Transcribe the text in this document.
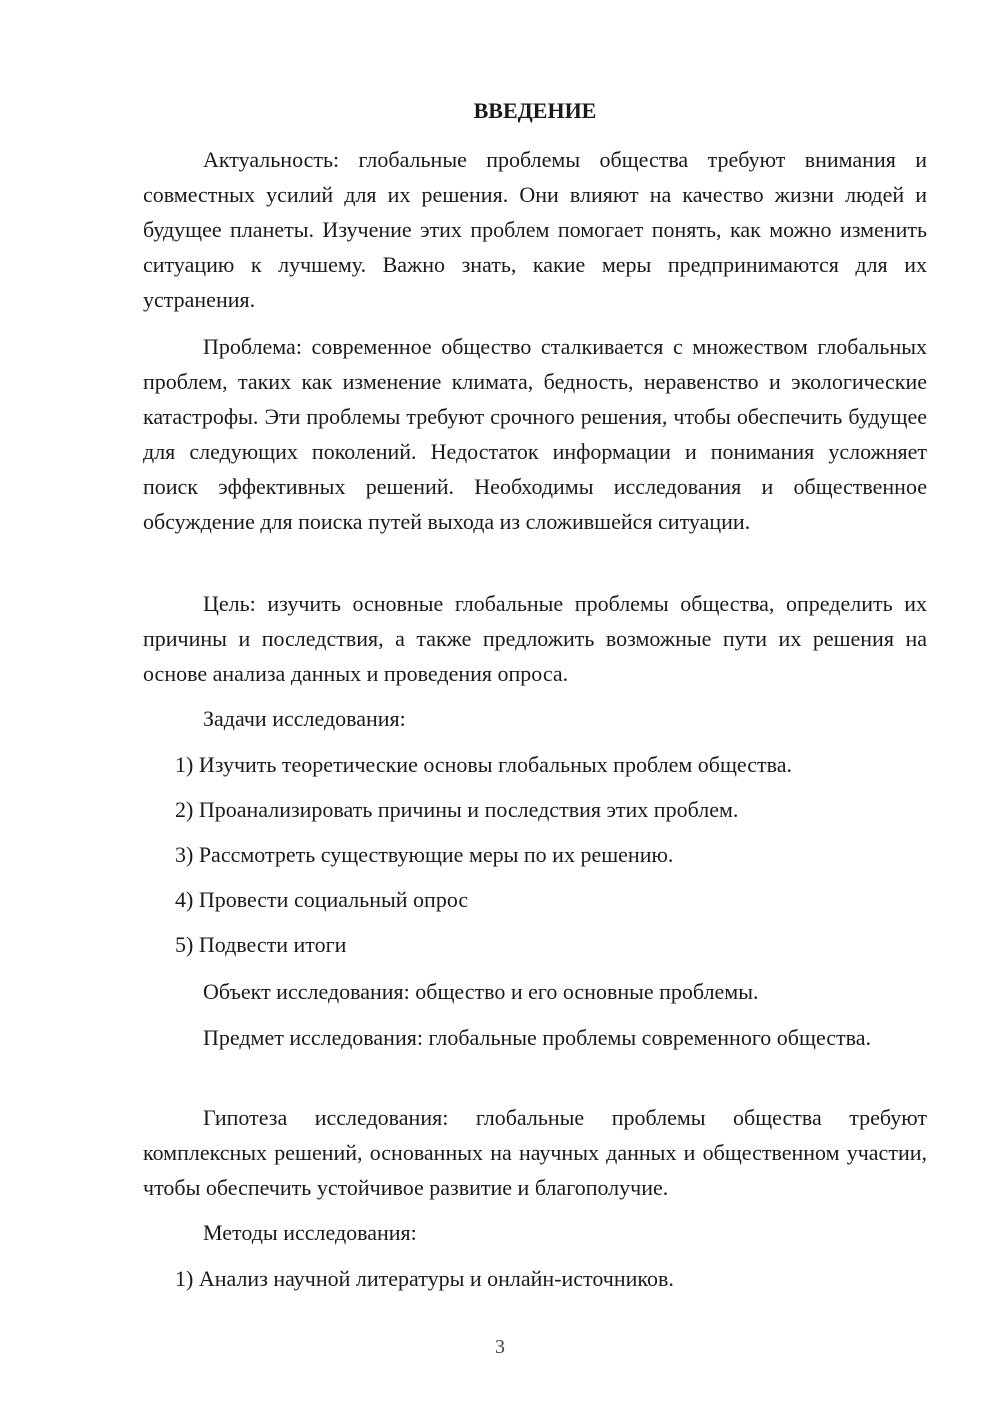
ВВЕДЕНИЕ
Актуальность: глобальные проблемы общества требуют внимания и совместных усилий для их решения. Они влияют на качество жизни людей и будущее планеты. Изучение этих проблем помогает понять, как можно изменить ситуацию к лучшему. Важно знать, какие меры предпринимаются для их устранения.
Проблема: современное общество сталкивается с множеством глобальных проблем, таких как изменение климата, бедность, неравенство и экологические катастрофы. Эти проблемы требуют срочного решения, чтобы обеспечить будущее для следующих поколений. Недостаток информации и понимания усложняет поиск эффективных решений. Необходимы исследования и общественное обсуждение для поиска путей выхода из сложившейся ситуации.
Цель: изучить основные глобальные проблемы общества, определить их причины и последствия, а также предложить возможные пути их решения на основе анализа данных и проведения опроса.
Задачи исследования:
1) Изучить теоретические основы глобальных проблем общества.
2) Проанализировать причины и последствия этих проблем.
3) Рассмотреть существующие меры по их решению.
4) Провести социальный опрос
5) Подвести итоги
Объект исследования: общество и его основные проблемы.
Предмет исследования: глобальные проблемы современного общества.
Гипотеза исследования: глобальные проблемы общества требуют комплексных решений, основанных на научных данных и общественном участии, чтобы обеспечить устойчивое развитие и благополучие.
Методы исследования:
1) Анализ научной литературы и онлайн-источников.
3
